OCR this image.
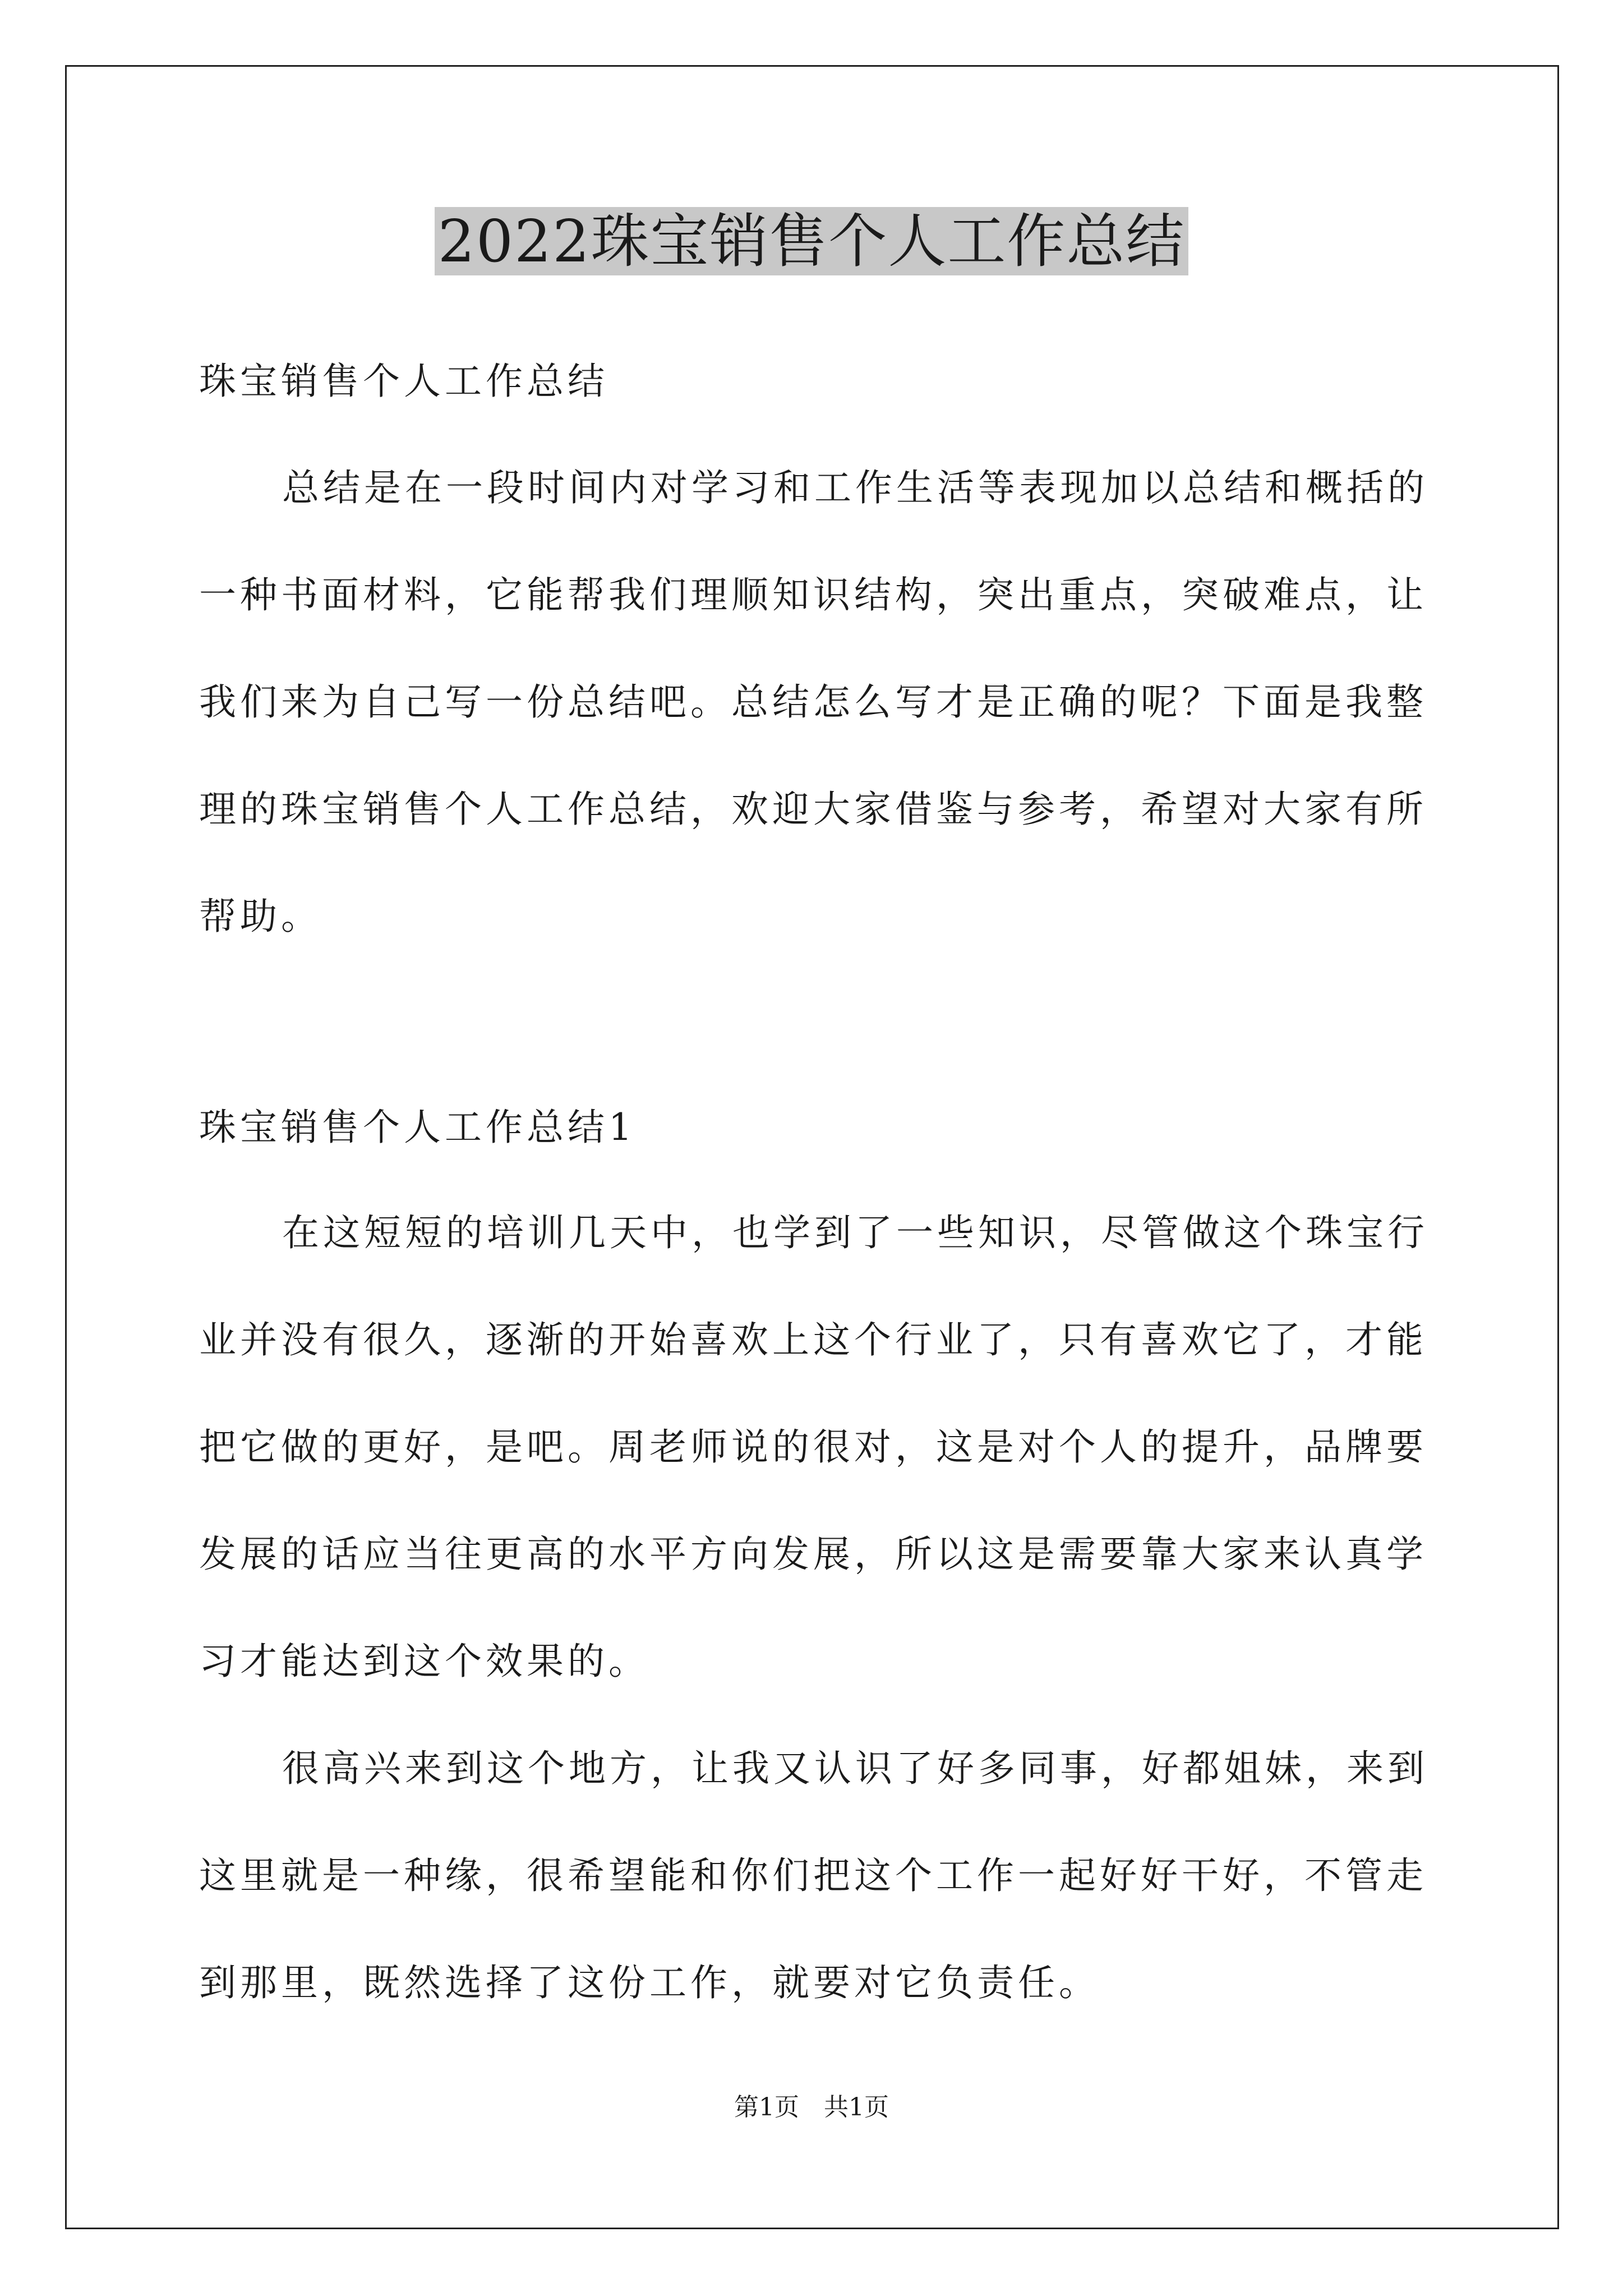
2022珠宝销售个人工作总结
珠宝销售个人工作总结
总结是在一段时间内对学习和工作生活等表现加以总结和概括的
一种书面材料，它能帮我们理顺知识结构，突出重点，突破难点，让
我们来为自己写一份总结吧。总结怎么写才是正确的呢？下面是我整
理的珠宝销售个人工作总结，欢迎大家借鉴与参考，希望对大家有所
帮助。
珠宝销售个人工作总结1
在这短短的培训几天中，也学到了一些知识，尽管做这个珠宝行
业并没有很久，逐渐的开始喜欢上这个行业了，只有喜欢它了，才能
把它做的更好，是吧。周老师说的很对，这是对个人的提升，品牌要
发展的话应当往更高的水平方向发展，所以这是需要靠大家来认真学
习才能达到这个效果的。
很高兴来到这个地方，让我又认识了好多同事，好都姐妹，来到
这里就是一种缘，很希望能和你们把这个工作一起好好干好，不管走
到那里，既然选择了这份工作，就要对它负责任。
第1页　共1页
